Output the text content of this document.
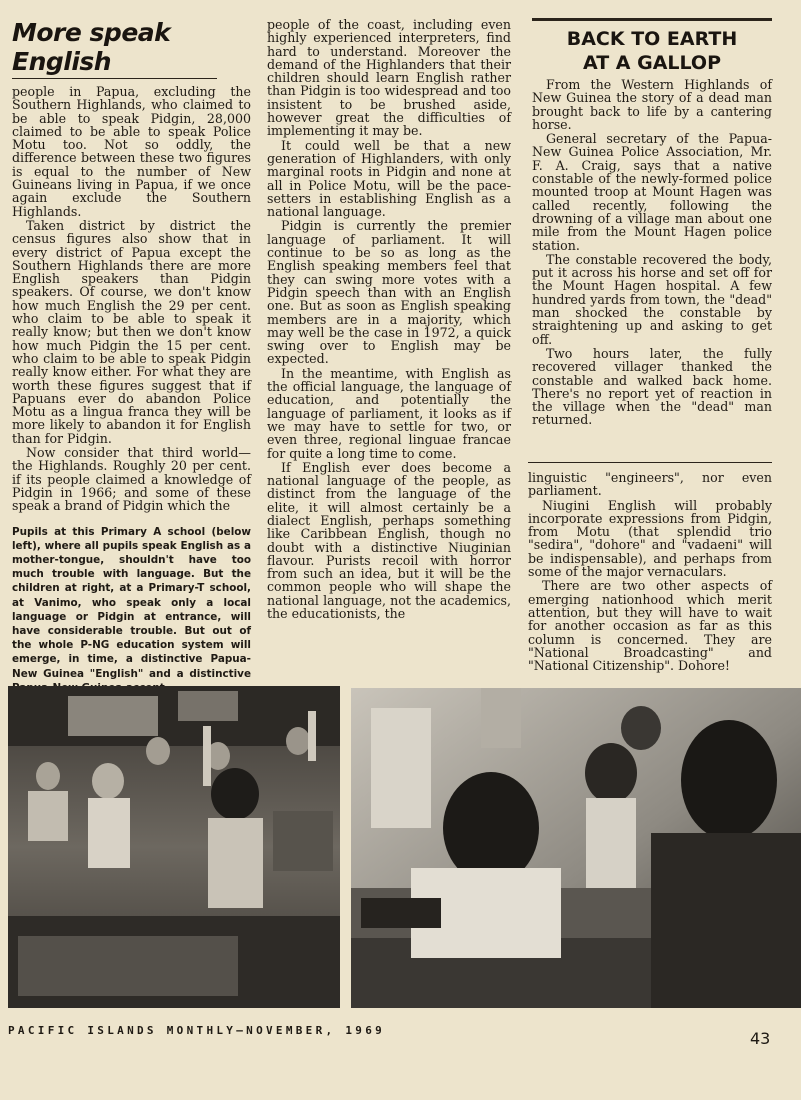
More speak English

people in Papua, excluding the Southern Highlands, who claimed to be able to speak Pidgin, 28,000 claimed to be able to speak Police Motu too. Not so oddly, the difference between these two figures is equal to the number of New Guineans living in Papua, if we once again exclude the Southern Highlands.

Taken district by district the census figures also show that in every district of Papua except the Southern Highlands there are more English speakers than Pidgin speakers. Of course, we don't know how much English the 29 per cent. who claim to be able to speak it really know; but then we don't know how much Pidgin the 15 per cent. who claim to be able to speak Pidgin really know either. For what they are worth these figures suggest that if Papuans ever do abandon Police Motu as a lingua franca they will be more likely to abandon it for English than for Pidgin.

Now consider that third world—the Highlands. Roughly 20 per cent. if its people claimed a knowledge of Pidgin in 1966; and some of these speak a brand of Pidgin which the

Pupils at this Primary A school (below left), where all pupils speak English as a mother-tongue, shouldn't have too much trouble with language. But the children at right, at a Primary-T school, at Vanimo, who speak only a local language or Pidgin at entrance, will have considerable trouble. But out of the whole P-NG education system will emerge, in time, a distinctive Papua-New Guinea "English" and a distinctive

people of the coast, including even highly experienced interpreters, find hard to understand. Moreover the demand of the Highlanders that their children should learn English rather than Pidgin is too widespread and too insistent to be brushed aside, however great the difficulties of implementing it may be.

It could well be that a new generation of Highlanders, with only marginal roots in Pidgin and none at all in Police Motu, will be the pace-setters in establishing English as a national language.

Pidgin is currently the premier language of parliament. It will continue to be so as long as the English speaking members feel that they can swing more votes with a Pidgin speech than with an English one. But as soon as English speaking members are in a majority, which may well be the case in 1972, a quick swing over to English may be expected.

In the meantime, with English as the official language, the language of education, and potentially the language of parliament, it looks as if we may have to settle for two, or even three, regional linguae francae for quite a long time to come.

If English ever does become a national language of the people, as distinct from the language of the elite, it will almost certainly be a dialect English, perhaps something like Caribbean English, though no doubt with a distinctive Niuginian flavour. Purists recoil with horror from such an idea, but it will be the common people who will shape the national language, not the academics, the educationists, the

BACK TO EARTH
AT A GALLOP

From the Western Highlands of New Guinea the story of a dead man brought back to life by a cantering horse.

General secretary of the Papua-New Guinea Police Association, Mr. F. A. Craig, says that a native constable of the newly-formed police mounted troop at Mount Hagen was called recently, following the drowning of a village man about one mile from the Mount Hagen police station.

The constable recovered the body, put it across his horse and set off for the Mount Hagen hospital. A few hundred yards from town, the "dead" man shocked the constable by straightening up and asking to get off.

Two hours later, the fully recovered villager thanked the constable and walked back home. There's no report yet of reaction in the village when the "dead" man returned.

linguistic "engineers", nor even parliament.

Niugini English will probably incorporate expressions from Pidgin, from Motu (that splendid trio "sedira", "dohore" and "vadaeni" will be indispensable), and perhaps from some of the major vernaculars.

There are two other aspects of emerging nationhood which merit attention, but they will have to wait for another occasion as far as this column is concerned. They are "National Broadcasting" and "National Citizenship". Dohore!

PACIFIC ISLANDS MONTHLY—NOVEMBER, 1969	43
